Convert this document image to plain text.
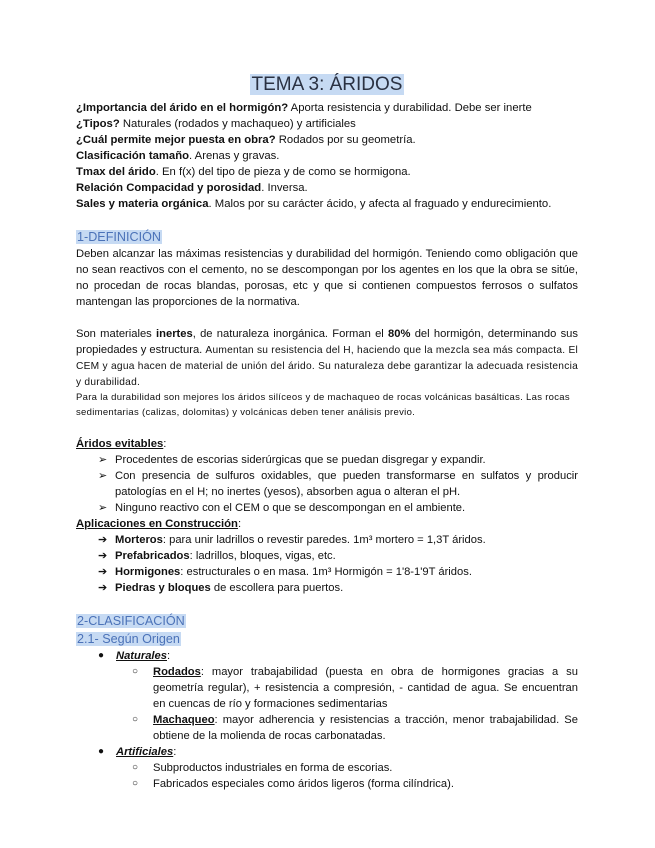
TEMA 3: ÁRIDOS
¿Importancia del árido en el hormigón? Aporta resistencia y durabilidad. Debe ser inerte
¿Tipos? Naturales (rodados y machaqueo) y artificiales
¿Cuál permite mejor puesta en obra? Rodados por su geometría.
Clasificación tamaño. Arenas y gravas.
Tmax del árido. En f(x) del tipo de pieza y de como se hormigona.
Relación Compacidad y porosidad. Inversa.
Sales y materia orgánica. Malos por su carácter ácido, y afecta al fraguado y endurecimiento.
1-DEFINICIÓN
Deben alcanzar las máximas resistencias y durabilidad del hormigón. Teniendo como obligación que no sean reactivos con el cemento, no se descompongan por los agentes en los que la obra se sitúe, no procedan de rocas blandas, porosas, etc y que si contienen compuestos ferrosos o sulfatos mantengan las proporciones de la normativa.
Son materiales inertes, de naturaleza inorgánica. Forman el 80% del hormigón, determinando sus propiedades y estructura. Aumentan su resistencia del H, haciendo que la mezcla sea más compacta. El CEM y agua hacen de material de unión del árido. Su naturaleza debe garantizar la adecuada resistencia y durabilidad.
Para la durabilidad son mejores los áridos silíceos y de machaqueo de rocas volcánicas basálticas. Las rocas sedimentarias (calizas, dolomitas) y volcánicas deben tener análisis previo.
Áridos evitables:
➢ Procedentes de escorias siderúrgicas que se puedan disgregar y expandir.
➢ Con presencia de sulfuros oxidables, que pueden transformarse en sulfatos y producir patologías en el H; no inertes (yesos), absorben agua o alteran el pH.
➢ Ninguno reactivo con el CEM o que se descompongan en el ambiente.
Aplicaciones en Construcción:
➔ Morteros: para unir ladrillos o revestir paredes. 1m³ mortero = 1,3T áridos.
➔ Prefabricados: ladrillos, bloques, vigas, etc.
➔ Hormigones: estructurales o en masa. 1m³ Hormigón = 1'8-1'9T áridos.
➔ Piedras y bloques de escollera para puertos.
2-CLASIFICACIÓN
2.1- Según Origen
● Naturales:
○ Rodados: mayor trabajabilidad (puesta en obra de hormigones gracias a su geometría regular), + resistencia a compresión, - cantidad de agua. Se encuentran en cuencas de río y formaciones sedimentarias
○ Machaqueo: mayor adherencia y resistencias a tracción, menor trabajabilidad. Se obtiene de la molienda de rocas carbonatadas.
● Artificiales:
○ Subproductos industriales en forma de escorias.
○ Fabricados especiales como áridos ligeros (forma cilíndrica).
